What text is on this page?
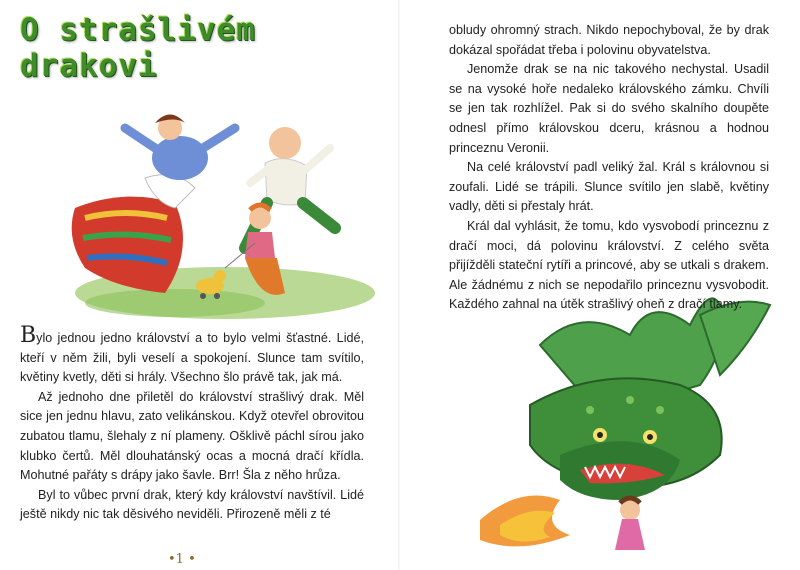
O strašlivém drakovi

Bylo jednou jedno království a to bylo velmi šťastné. Lidé, kteří v něm žili, byli veselí a spokojení. Slunce tam svítilo, květiny kvetly, děti si hrály. Všechno šlo právě tak, jak má.

Až jednoho dne přiletěl do království strašlivý drak. Měl sice jen jednu hlavu, zato velikánskou. Když otevřel obrovitou zubatou tlamu, šlehaly z ní plameny. Ošklivě páchl sírou jako klubko čertů. Měl dlouhatánský ocas a mocná dračí křídla. Mohutné pařáty s drápy jako šavle. Brr! Šla z něho hrůza.

Byl to vůbec první drak, který kdy království navštívil. Lidé ještě nikdy nic tak děsivého neviděli. Přirozeně měli z té

•1 •

obludy ohromný strach. Nikdo nepochyboval, že by drak dokázal spořádat třeba i polovinu obyvatelstva.

Jenomže drak se na nic takového nechystal. Usadil se na vysoké hoře nedaleko královského zámku. Chvíli se jen tak rozhlížel. Pak si do svého skalního doupěte odnesl přímo královskou dceru, krásnou a hodnou princeznu Veronii.

Na celé království padl veliký žal. Král s královnou si zoufali. Lidé se trápili. Slunce svítilo jen slabě, květiny vadly, děti si přestaly hrát.

Král dal vyhlásit, že tomu, kdo vysvobodí princeznu z dračí moci, dá polovinu království. Z celého světa přijížděli stateční rytíři a princové, aby se utkali s drakem. Ale žádnému z nich se nepodařilo princeznu vysvobodit. Každého zahnal na útěk strašlivý oheň z dračí tlamy.
